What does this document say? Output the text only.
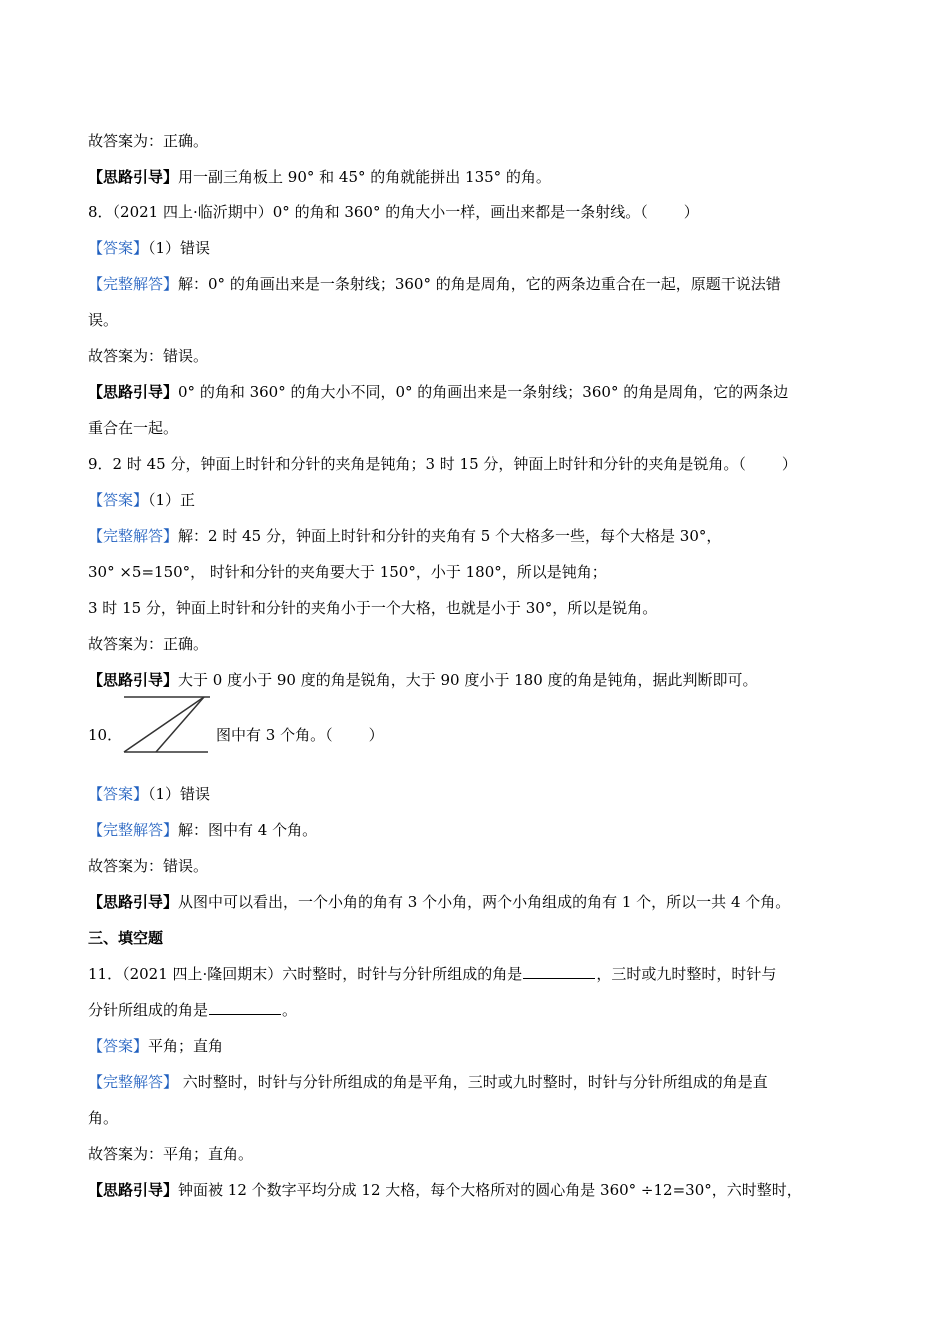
故答案为：正确。
【思路引导】用一副三角板上 90° 和 45° 的角就能拼出 135° 的角。
8．（2021 四上·临沂期中）0° 的角和 360° 的角大小一样，画出来都是一条射线。（ ）
【答案】（1）错误
【完整解答】解：0° 的角画出来是一条射线；360° 的角是周角，它的两条边重合在一起，原题干说法错
误。
故答案为：错误。
【思路引导】0° 的角和 360° 的角大小不同，0° 的角画出来是一条射线；360° 的角是周角，它的两条边
重合在一起。
9．2 时 45 分，钟面上时针和分针的夹角是钝角；3 时 15 分，钟面上时针和分针的夹角是锐角。（ ）
【答案】（1）正
【完整解答】解：2 时 45 分，钟面上时针和分针的夹角有 5 个大格多一些，每个大格是 30°，
30° ×5=150°， 时针和分针的夹角要大于 150°，小于 180°，所以是钝角；
3 时 15 分，钟面上时针和分针的夹角小于一个大格，也就是小于 30°，所以是锐角。
故答案为：正确。
【思路引导】大于 0 度小于 90 度的角是锐角，大于 90 度小于 180 度的角是钝角，据此判断即可。
10．	图中有 3 个角。（ ）
【答案】（1）错误
【完整解答】解：图中有 4 个角。
故答案为：错误。
【思路引导】从图中可以看出，一个小角的角有 3 个小角，两个小角组成的角有 1 个，所以一共 4 个角。
三、填空题
11．（2021 四上·隆回期末）六时整时，时针与分针所组成的角是	，三时或九时整时，时针与
分针所组成的角是	。
【答案】平角；直角
【完整解答】 六时整时，时针与分针所组成的角是平角，三时或九时整时，时针与分针所组成的角是直
角。
故答案为：平角；直角。
【思路引导】钟面被 12 个数字平均分成 12 大格，每个大格所对的圆心角是 360° ÷12=30°，六时整时，
